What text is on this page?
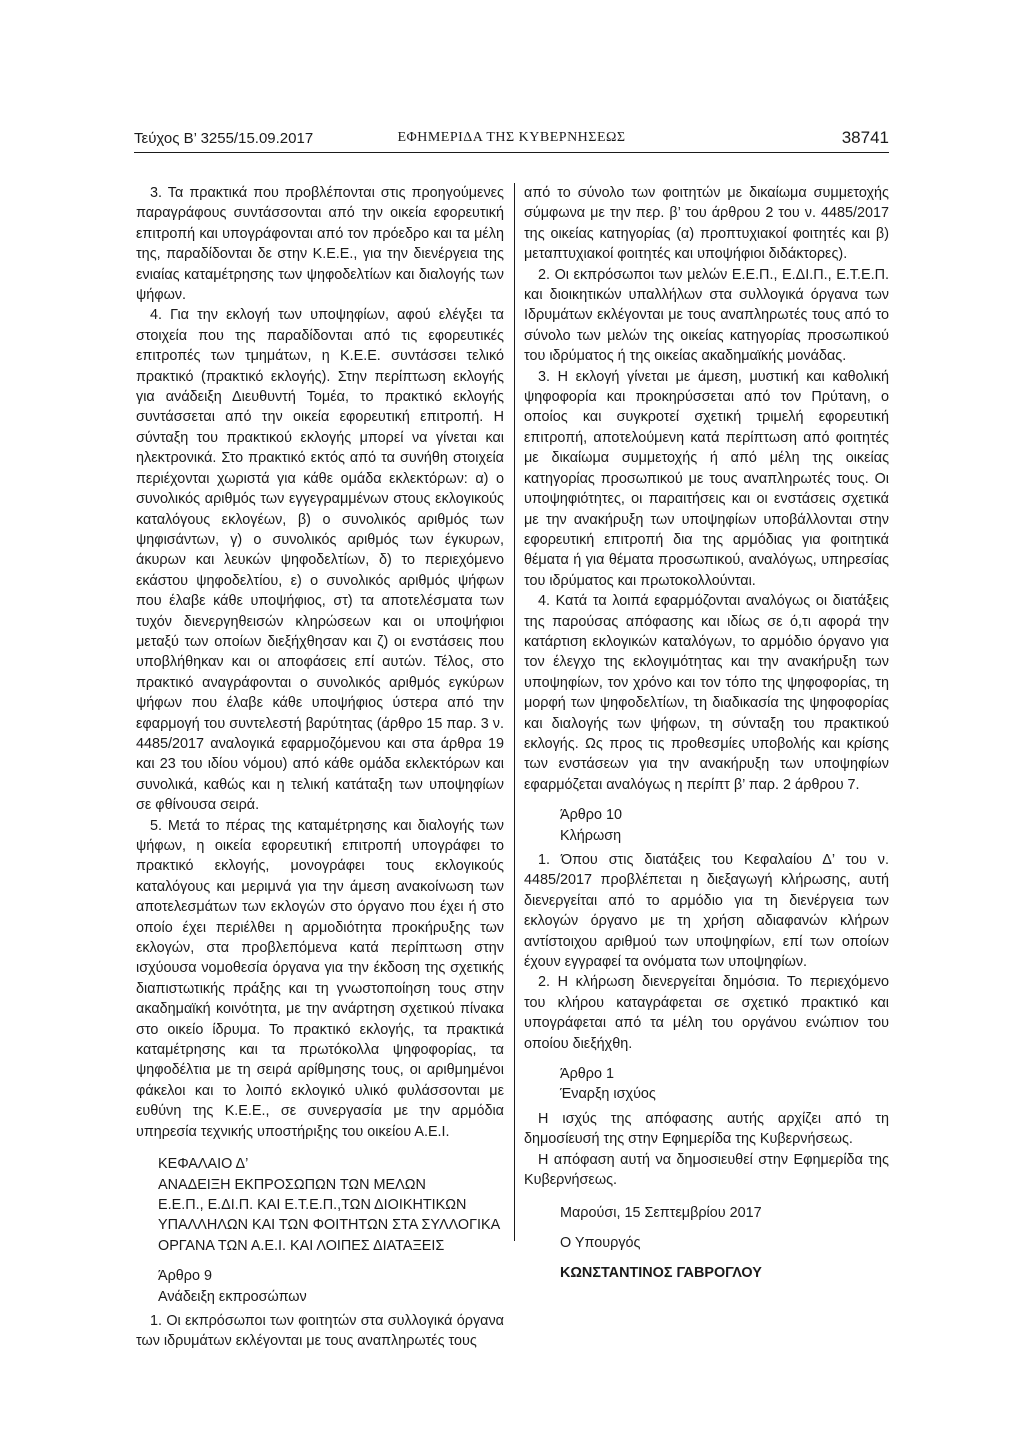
Τεύχος Β’ 3255/15.09.2017	ΕΦΗΜΕΡΙΔΑ ΤΗΣ ΚΥΒΕΡΝΗΣΕΩΣ	38741

3. Τα πρακτικά που προβλέπονται στις προηγούμενες παραγράφους συντάσσονται από την οικεία εφορευτική επιτροπή και υπογράφονται από τον πρόεδρο και τα μέλη της, παραδίδονται δε στην Κ.Ε.Ε., για την διενέργεια της ενιαίας καταμέτρησης των ψηφοδελτίων και διαλογής των ψήφων.

4. Για την εκλογή των υποψηφίων, αφού ελέγξει τα στοιχεία που της παραδίδονται από τις εφορευτικές επιτροπές των τμημάτων, η Κ.Ε.Ε. συντάσσει τελικό πρακτικό (πρακτικό εκλογής). Στην περίπτωση εκλογής για ανάδειξη Διευθυντή Τομέα, το πρακτικό εκλογής συντάσσεται από την οικεία εφορευτική επιτροπή. Η σύνταξη του πρακτικού εκλογής μπορεί να γίνεται και ηλεκτρονικά. Στο πρακτικό εκτός από τα συνήθη στοιχεία περιέχονται χωριστά για κάθε ομάδα εκλεκτόρων: α) ο συνολικός αριθμός των εγγεγραμμένων στους εκλογικούς καταλόγους εκλογέων, β) ο συνολικός αριθμός των ψηφισάντων, γ) ο συνολικός αριθμός των έγκυρων, άκυρων και λευκών ψηφοδελτίων, δ) το περιεχόμενο εκάστου ψηφοδελτίου, ε) ο συνολικός αριθμός ψήφων που έλαβε κάθε υποψήφιος, στ) τα αποτελέσματα των τυχόν διενεργηθεισών κληρώσεων και οι υποψήφιοι μεταξύ των οποίων διεξήχθησαν και ζ) οι ενστάσεις που υποβλήθηκαν και οι αποφάσεις επί αυτών. Τέλος, στο πρακτικό αναγράφονται ο συνολικός αριθμός εγκύρων ψήφων που έλαβε κάθε υποψήφιος ύστερα από την εφαρμογή του συντελεστή βαρύτητας (άρθρο 15 παρ. 3 ν. 4485/2017 αναλογικά εφαρμοζόμενου και στα άρθρα 19 και 23 του ιδίου νόμου) από κάθε ομάδα εκλεκτόρων και συνολικά, καθώς και η τελική κατάταξη των υποψηφίων σε φθίνουσα σειρά.

5. Μετά το πέρας της καταμέτρησης και διαλογής των ψήφων, η οικεία εφορευτική επιτροπή υπογράφει το πρακτικό εκλογής, μονογράφει τους εκλογικούς καταλόγους και μεριμνά για την άμεση ανακοίνωση των αποτελεσμάτων των εκλογών στο όργανο που έχει ή στο οποίο έχει περιέλθει η αρμοδιότητα προκήρυξης των εκλογών, στα προβλεπόμενα κατά περίπτωση στην ισχύουσα νομοθεσία όργανα για την έκδοση της σχετικής διαπιστωτικής πράξης και τη γνωστοποίηση τους στην ακαδημαϊκή κοινότητα, με την ανάρτηση σχετικού πίνακα στο οικείο ίδρυμα. Το πρακτικό εκλογής, τα πρακτικά καταμέτρησης και τα πρωτόκολλα ψηφοφορίας, τα ψηφοδέλτια με τη σειρά αρίθμησης τους, οι αριθμημένοι φάκελοι και το λοιπό εκλογικό υλικό φυλάσσονται με ευθύνη της Κ.Ε.Ε., σε συνεργασία με την αρμόδια υπηρεσία τεχνικής υποστήριξης του οικείου Α.Ε.Ι.

ΚΕΦΑΛΑΙΟ Δ’

ΑΝΑΔΕΙΞΗ ΕΚΠΡΟΣΩΠΩΝ ΤΩΝ ΜΕΛΩΝ

Ε.Ε.Π., Ε.ΔΙ.Π. ΚΑΙ Ε.Τ.Ε.Π.,ΤΩΝ ΔΙΟΙΚΗΤΙΚΩΝ

ΥΠΑΛΛΗΛΩΝ ΚΑΙ ΤΩΝ ΦΟΙΤΗΤΩΝ ΣΤΑ ΣΥΛΛΟΓΙΚΑ

ΟΡΓΑΝΑ ΤΩΝ Α.Ε.Ι. ΚΑΙ ΛΟΙΠΕΣ ΔΙΑΤΑΞΕΙΣ

Άρθρο 9

Ανάδειξη εκπροσώπων

1. Οι εκπρόσωποι των φοιτητών στα συλλογικά όργανα των ιδρυμάτων εκλέγονται με τους αναπληρωτές τους

από το σύνολο των φοιτητών με δικαίωμα συμμετοχής σύμφωνα με την περ. β’ του άρθρου 2 του ν. 4485/2017 της οικείας κατηγορίας (α) προπτυχιακοί φοιτητές και β) μεταπτυχιακοί φοιτητές και υποψήφιοι διδάκτορες).

2. Οι εκπρόσωποι των μελών Ε.Ε.Π., Ε.ΔΙ.Π., Ε.Τ.Ε.Π. και διοικητικών υπαλλήλων στα συλλογικά όργανα των Ιδρυμάτων εκλέγονται με τους αναπληρωτές τους από το σύνολο των μελών της οικείας κατηγορίας προσωπικού του ιδρύματος ή της οικείας ακαδημαϊκής μονάδας.

3. Η εκλογή γίνεται με άμεση, μυστική και καθολική ψηφοφορία και προκηρύσσεται από τον Πρύτανη, ο οποίος και συγκροτεί σχετική τριμελή εφορευτική επιτροπή, αποτελούμενη κατά περίπτωση από φοιτητές με δικαίωμα συμμετοχής ή από μέλη της οικείας κατηγορίας προσωπικού με τους αναπληρωτές τους. Οι υποψηφιότητες, οι παραιτήσεις και οι ενστάσεις σχετικά με την ανακήρυξη των υποψηφίων υποβάλλονται στην εφορευτική επιτροπή δια της αρμόδιας για φοιτητικά θέματα ή για θέματα προσωπικού, αναλόγως, υπηρεσίας του ιδρύματος και πρωτοκολλούνται.

4. Κατά τα λοιπά εφαρμόζονται αναλόγως οι διατάξεις της παρούσας απόφασης και ιδίως σε ό,τι αφορά την κατάρτιση εκλογικών καταλόγων, το αρμόδιο όργανο για τον έλεγχο της εκλογιμότητας και την ανακήρυξη των υποψηφίων, τον χρόνο και τον τόπο της ψηφοφορίας, τη μορφή των ψηφοδελτίων, τη διαδικασία της ψηφοφορίας και διαλογής των ψήφων, τη σύνταξη του πρακτικού εκλογής. Ως προς τις προθεσμίες υποβολής και κρίσης των ενστάσεων για την ανακήρυξη των υποψηφίων εφαρμόζεται αναλόγως η περίπτ β’ παρ. 2 άρθρου 7.

Άρθρο 10

Κλήρωση

1. Όπου στις διατάξεις του Κεφαλαίου Δ’ του ν. 4485/2017 προβλέπεται η διεξαγωγή κλήρωσης, αυτή διενεργείται από το αρμόδιο για τη διενέργεια των εκλογών όργανο με τη χρήση αδιαφανών κλήρων αντίστοιχου αριθμού των υποψηφίων, επί των οποίων έχουν εγγραφεί τα ονόματα των υποψηφίων.

2. Η κλήρωση διενεργείται δημόσια. Το περιεχόμενο του κλήρου καταγράφεται σε σχετικό πρακτικό και υπογράφεται από τα μέλη του οργάνου ενώπιον του οποίου διεξήχθη.

Άρθρο 1

Έναρξη ισχύος

Η ισχύς της απόφασης αυτής αρχίζει από τη δημοσίευσή της στην Εφημερίδα της Κυβερνήσεως.

Η απόφαση αυτή να δημοσιευθεί στην Εφημερίδα της Κυβερνήσεως.

Μαρούσι, 15 Σεπτεμβρίου 2017

Ο Υπουργός

ΚΩΝΣΤΑΝΤΙΝΟΣ ΓΑΒΡΟΓΛΟΥ
